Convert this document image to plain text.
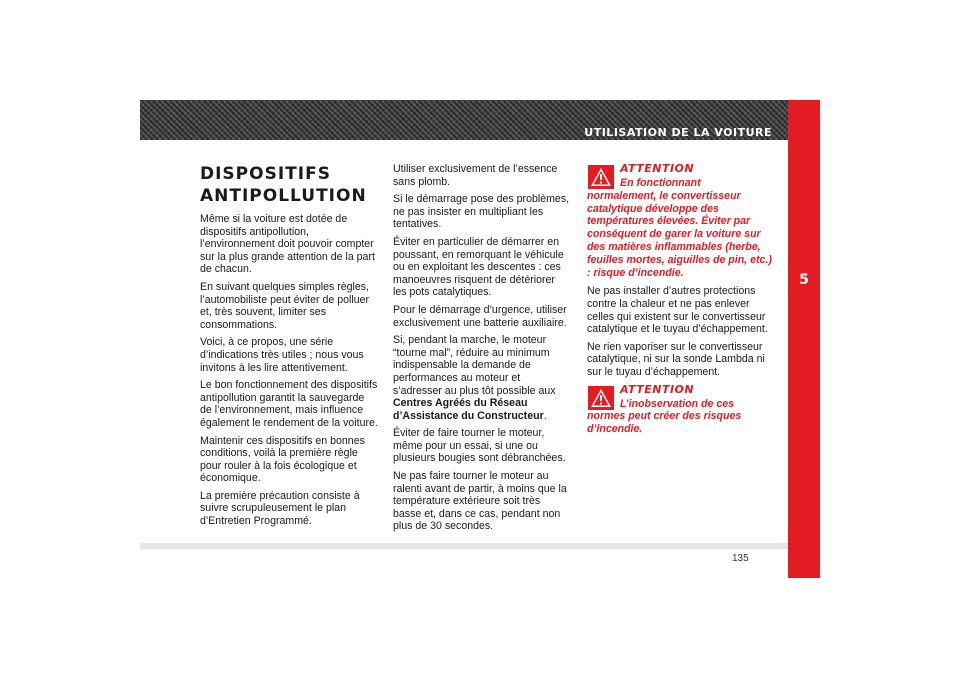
UTILISATION DE LA VOITURE
5
DISPOSITIFS ANTIPOLLUTION

Même si la voiture est dotée de dispositifs antipollution, l’environnement doit pouvoir compter sur la plus grande attention de la part de chacun.

En suivant quelques simples règles, l’automobiliste peut éviter de polluer et, très souvent, limiter ses consommations.

Voici, à ce propos, une série d’indications très utiles ; nous vous invitons à les lire attentivement.

Le bon fonctionnement des dispositifs antipollution garantit la sauvegarde de l’environnement, mais influence également le rendement de la voiture.

Maintenir ces dispositifs en bonnes conditions, voilà la première règle pour rouler à la fois écologique et économique.

La première précaution consiste à suivre scrupuleusement le plan d’Entretien Programmé.

Utiliser exclusivement de l’essence sans plomb.

Si le démarrage pose des problèmes, ne pas insister en multipliant les tentatives.

Éviter en particulier de démarrer en poussant, en remorquant le véhicule ou en exploitant les descentes : ces manoeuvres risquent de détériorer les pots catalytiques.

Pour le démarrage d’urgence, utiliser exclusivement une batterie auxiliaire.

Si, pendant la marche, le moteur “tourne mal”, réduire au minimum indispensable la demande de performances au moteur et s’adresser au plus tôt possible aux Centres Agréés du Réseau d’Assistance du Constructeur.

Éviter de faire tourner le moteur, même pour un essai, si une ou plusieurs bougies sont débranchées.

Ne pas faire tourner le moteur au ralenti avant de partir, à moins que la température extérieure soit très basse et, dans ce cas, pendant non plus de 30 secondes.

ATTENTION

En fonctionnant normalement, le convertisseur catalytique développe des températures élevées. Éviter par conséquent de garer la voiture sur des matières inflammables (herbe, feuilles mortes, aiguilles de pin, etc.) : risque d’incendie.

Ne pas installer d’autres protections contre la chaleur et ne pas enlever celles qui existent sur le convertisseur catalytique et le tuyau d’échappement.

Ne rien vaporiser sur le convertisseur catalytique, ni sur la sonde Lambda ni sur le tuyau d’échappement.

ATTENTION

L’inobservation de ces normes peut créer des risques d’incendie.

135
